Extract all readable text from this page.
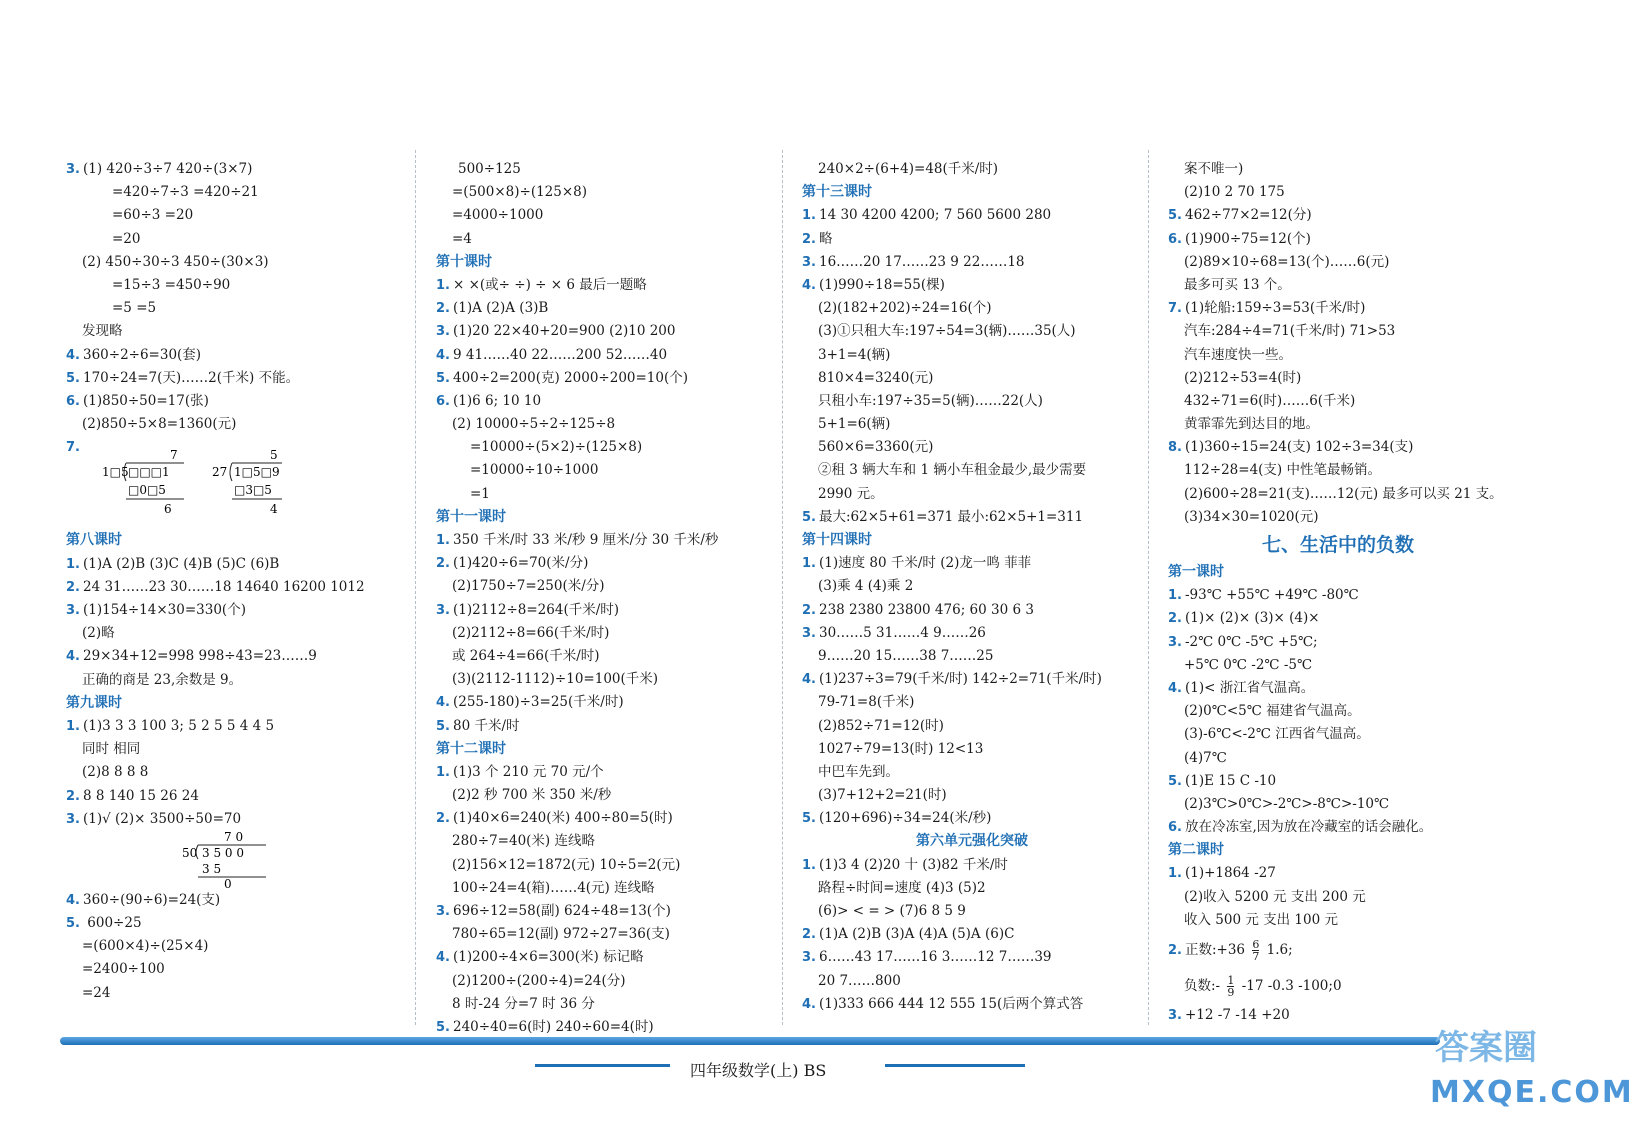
3. (1) 420÷3÷7 420÷(3×7)
=420÷7÷3 =420÷21
=60÷3 =20
=20
(2) 450÷30÷3 450÷(30×3)
=15÷3 =450÷90
=5 =5
发现略
4. 360÷2÷6=30(套)
5. 170÷24=7(天)……2(千米) 不能。
6. (1)850÷50=17(张)
(2)850÷5×8=1360(元)
7.
7
1□5 □□□1
□0□5
6
5
27 1□5□9
□3□5
4
第八课时
1. (1)A (2)B (3)C (4)B (5)C (6)B
2. 24 31……23 30……18 14640 16200 1012
3. (1)154÷14×30=330(个)
(2)略
4. 29×34+12=998 998÷43=23……9
正确的商是 23,余数是 9。
第九课时
1. (1)3 3 3 100 3; 5 2 5 5 4 4 5
同时 相同
(2)8 8 8 8
2. 8 8 140 15 26 24
3. (1)√ (2)× 3500÷50=70
7 0
50 3 5 0 0
3 5
0
4. 360÷(90÷6)=24(支)
5. 600÷25
=(600×4)÷(25×4)
=2400÷100
=24
500÷125
=(500×8)÷(125×8)
=4000÷1000
=4
第十课时
1. × ×(或÷ ÷) ÷ × 6 最后一题略
2. (1)A (2)A (3)B
3. (1)20 22×40+20=900 (2)10 200
4. 9 41……40 22……200 52……40
5. 400÷2=200(克) 2000÷200=10(个)
6. (1)6 6; 10 10
(2) 10000÷5÷2÷125÷8
=10000÷(5×2)÷(125×8)
=10000÷10÷1000
=1
第十一课时
1. 350 千米/时 33 米/秒 9 厘米/分 30 千米/秒
2. (1)420÷6=70(米/分)
(2)1750÷7=250(米/分)
3. (1)2112÷8=264(千米/时)
(2)2112÷8=66(千米/时)
或 264÷4=66(千米/时)
(3)(2112-1112)÷10=100(千米)
4. (255-180)÷3=25(千米/时)
5. 80 千米/时
第十二课时
1. (1)3 个 210 元 70 元/个
(2)2 秒 700 米 350 米/秒
2. (1)40×6=240(米) 400÷80=5(时)
280÷7=40(米) 连线略
(2)156×12=1872(元) 10÷5=2(元)
100÷24=4(箱)……4(元) 连线略
3. 696÷12=58(副) 624÷48=13(个)
780÷65=12(副) 972÷27=36(支)
4. (1)200÷4×6=300(米) 标记略
(2)1200÷(200÷4)=24(分)
8 时-24 分=7 时 36 分
5. 240÷40=6(时) 240÷60=4(时)
240×2÷(6+4)=48(千米/时)
第十三课时
1. 14 30 4200 4200; 7 560 5600 280
2. 略
3. 16……20 17……23 9 22……18
4. (1)990÷18=55(棵)
(2)(182+202)÷24=16(个)
(3)①只租大车:197÷54=3(辆)……35(人)
3+1=4(辆)
810×4=3240(元)
只租小车:197÷35=5(辆)……22(人)
5+1=6(辆)
560×6=3360(元)
②租 3 辆大车和 1 辆小车租金最少,最少需要
2990 元。
5. 最大:62×5+61=371 最小:62×5+1=311
第十四课时
1. (1)速度 80 千米/时 (2)龙一鸣 菲菲
(3)乘 4 (4)乘 2
2. 238 2380 23800 476; 60 30 6 3
3. 30……5 31……4 9……26
9……20 15……38 7……25
4. (1)237÷3=79(千米/时) 142÷2=71(千米/时)
79-71=8(千米)
(2)852÷71=12(时)
1027÷79=13(时) 12<13
中巴车先到。
(3)7+12+2=21(时)
5. (120+696)÷34=24(米/秒)
第六单元强化突破
1. (1)3 4 (2)20 十 (3)82 千米/时
路程÷时间=速度 (4)3 (5)2
(6)> < = > (7)6 8 5 9
2. (1)A (2)B (3)A (4)A (5)A (6)C
3. 6……43 17……16 3……12 7……39
20 7……800
4. (1)333 666 444 12 555 15(后两个算式答
案不唯一)
(2)10 2 70 175
5. 462÷77×2=12(分)
6. (1)900÷75=12(个)
(2)89×10÷68=13(个)……6(元)
最多可买 13 个。
7. (1)轮船:159÷3=53(千米/时)
汽车:284÷4=71(千米/时) 71>53
汽车速度快一些。
(2)212÷53=4(时)
432÷71=6(时)……6(千米)
黄霏霏先到达目的地。
8. (1)360÷15=24(支) 102÷3=34(支)
112÷28=4(支) 中性笔最畅销。
(2)600÷28=21(支)……12(元) 最多可以买 21 支。
(3)34×30=1020(元)
七、生活中的负数
第一课时
1. -93℃ +55℃ +49℃ -80℃
2. (1)× (2)× (3)× (4)×
3. -2℃ 0℃ -5℃ +5℃;
+5℃ 0℃ -2℃ -5℃
4. (1)< 浙江省气温高。
(2)0℃<5℃ 福建省气温高。
(3)-6℃<-2℃ 江西省气温高。
(4)7℃
5. (1)E 15 C -10
(2)3℃>0℃>-2℃>-8℃>-10℃
6. 放在冷冻室,因为放在冷藏室的话会融化。
第二课时
1. (1)+1864 -27
(2)收入 5200 元 支出 200 元
收入 500 元 支出 100 元
2. 正数:+36 $\frac{6}{7} 1.6$;
负数:- $\frac{1}{9} -17$ -0.3 -100;0
3. +12 -7 -14 +20
四年级数学(上) BS
答案圈
MXQE.COM
